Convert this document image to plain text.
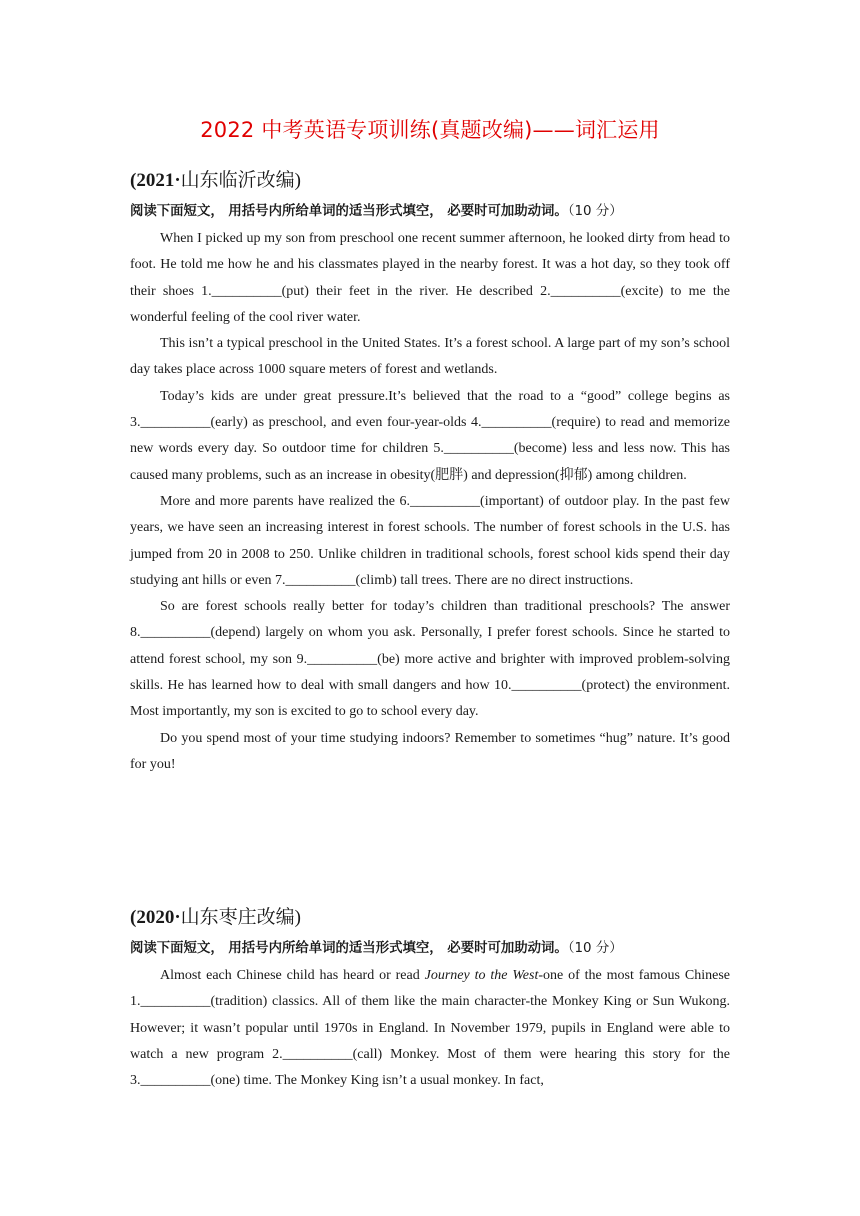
2022 中考英语专项训练(真题改编)——词汇运用

(2021·山东临沂改编)

阅读下面短文， 用括号内所给单词的适当形式填空， 必要时可加助动词。（10 分）

When I picked up my son from preschool one recent summer afternoon, he looked dirty from head to foot. He told me how he and his classmates played in the nearby forest. It was a hot day, so they took off their shoes 1.__________(put) their feet in the river. He described 2.__________(excite) to me the wonderful feeling of the cool river water.

This isn’t a typical preschool in the United States. It’s a forest school. A large part of my son’s school day takes place across 1000 square meters of forest and wetlands.

Today’s kids are under great pressure.It’s believed that the road to a “good” college begins as 3.__________(early) as preschool, and even four-year-olds 4.__________(require) to read and memorize new words every day. So outdoor time for children 5.__________(become) less and less now. This has caused many problems, such as an increase in obesity(肥胖) and depression(抑郁) among children.

More and more parents have realized the 6.__________(important) of outdoor play. In the past few years, we have seen an increasing interest in forest schools. The number of forest schools in the U.S. has jumped from 20 in 2008 to 250. Unlike children in traditional schools, forest school kids spend their day studying ant hills or even 7.__________(climb) tall trees. There are no direct instructions.

So are forest schools really better for today’s children than traditional preschools? The answer 8.__________(depend) largely on whom you ask. Personally, I prefer forest schools. Since he started to attend forest school, my son 9.__________(be) more active and brighter with improved problem-solving skills. He has learned how to deal with small dangers and how 10.__________(protect) the environment. Most importantly, my son is excited to go to school every day.

Do you spend most of your time studying indoors? Remember to sometimes “hug” nature. It’s good for you!

(2020·山东枣庄改编)

阅读下面短文， 用括号内所给单词的适当形式填空， 必要时可加助动词。（10 分）

Almost each Chinese child has heard or read Journey to the West-one of the most famous Chinese 1.__________(tradition) classics. All of them like the main character-the Monkey King or Sun Wukong. However; it wasn’t popular until 1970s in England. In November 1979, pupils in England were able to watch a new program 2.__________(call) Monkey. Most of them were hearing this story for the 3.__________(one) time. The Monkey King isn’t a usual monkey. In fact,
